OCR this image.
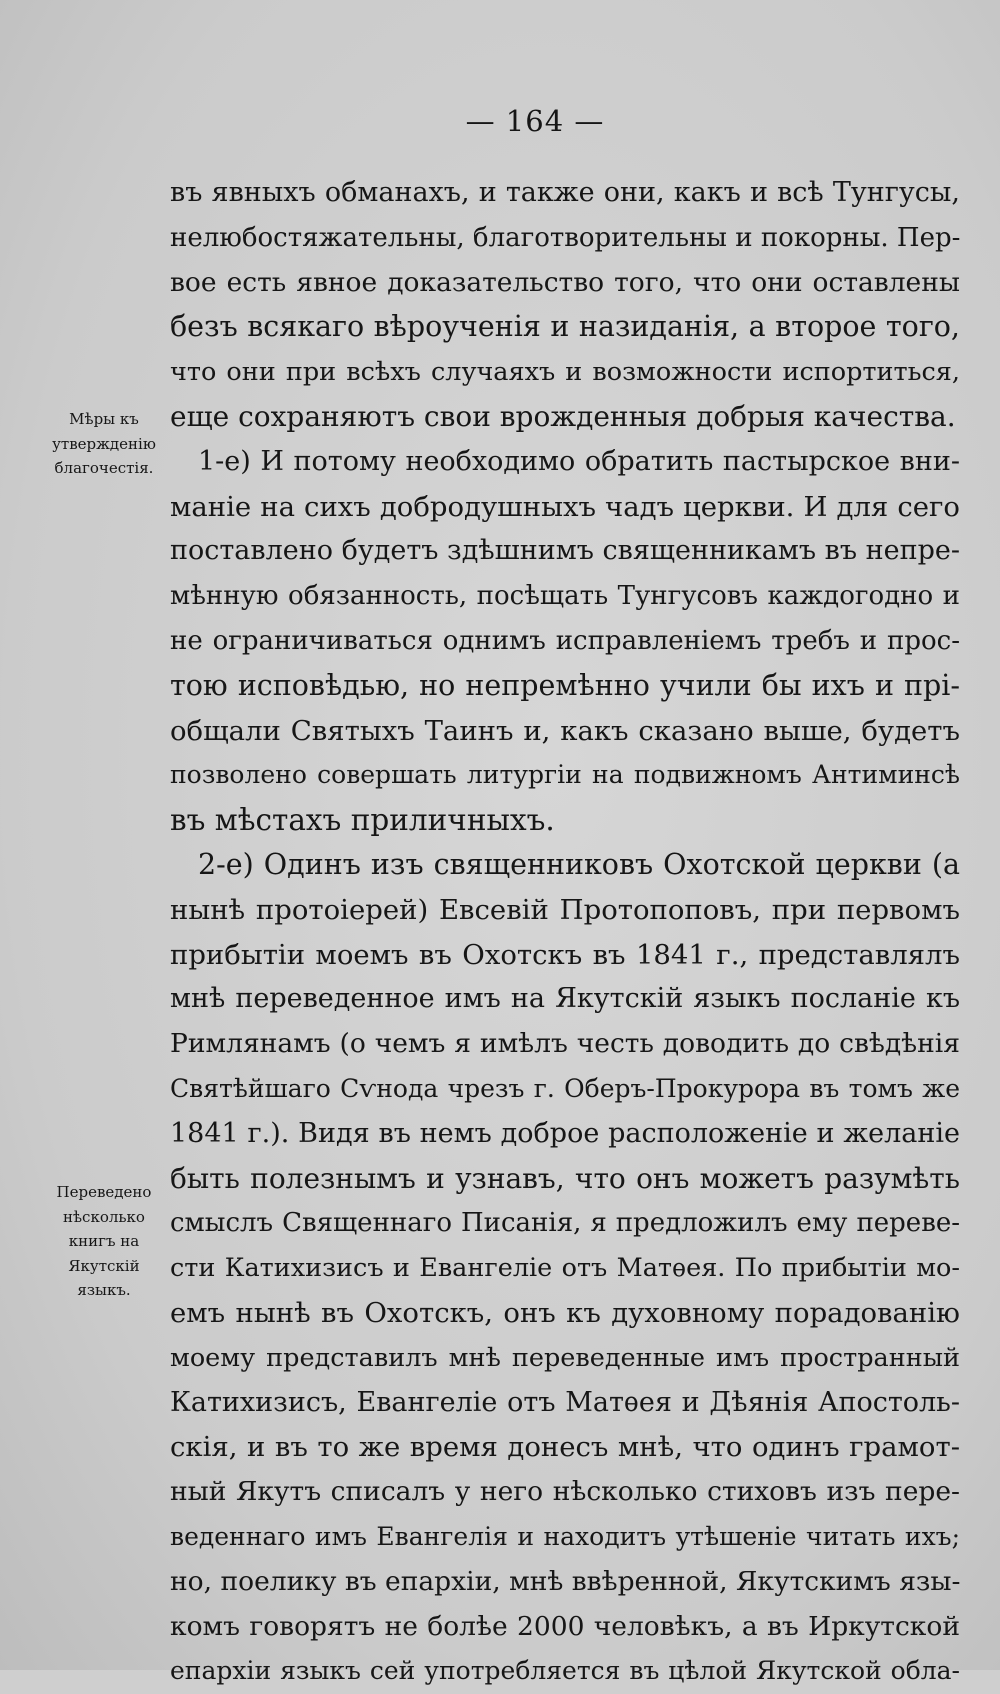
— 164 —
Мѣры къ
утвержденію
благочестія.
Переведено
нѣсколько
книгъ на
Якутскій
языкъ.
въ явныхъ обманахъ, и также они, какъ и всѣ Тунгусы,
нелюбостяжательны, благотворительны и покорны. Пер-
вое есть явное доказательство того, что они оставлены
безъ всякаго вѣроученія и назиданія, а второе того,
что они при всѣхъ случаяхъ и возможности испортиться,
еще сохраняютъ свои врожденныя добрыя качества.
1-е) И потому необходимо обратить пастырское вни-
маніе на сихъ добродушныхъ чадъ церкви. И для сего
поставлено будетъ здѣшнимъ священникамъ въ непре-
мѣнную обязанность, посѣщать Тунгусовъ каждогодно и
не ограничиваться однимъ исправленіемъ требъ и прос-
тою исповѣдью, но непремѣнно учили бы ихъ и прі-
общали Святыхъ Таинъ и, какъ сказано выше, будетъ
позволено совершать литургіи на подвижномъ Антиминсѣ
въ мѣстахъ приличныхъ.
2-е) Одинъ изъ священниковъ Охотской церкви (а
нынѣ протоіерей) Евсевій Протопоповъ, при первомъ
прибытіи моемъ въ Охотскъ въ 1841 г., представлялъ
мнѣ переведенное имъ на Якутскій языкъ посланіе къ
Римлянамъ (о чемъ я имѣлъ честь доводить до свѣдѣнія
Святѣйшаго Сѵнода чрезъ г. Оберъ-Прокурора въ томъ же
1841 г.). Видя въ немъ доброе расположеніе и желаніе
быть полезнымъ и узнавъ, что онъ можетъ разумѣть
смыслъ Священнаго Писанія, я предложилъ ему переве-
сти Катихизисъ и Евангеліе отъ Матѳея. По прибытіи мо-
емъ нынѣ въ Охотскъ, онъ къ духовному порадованію
моему представилъ мнѣ переведенные имъ пространный
Катихизисъ, Евангеліе отъ Матѳея и Дѣянія Апостоль-
скія, и въ то же время донесъ мнѣ, что одинъ грамот-
ный Якутъ списалъ у него нѣсколько стиховъ изъ пере-
веденнаго имъ Евангелія и находитъ утѣшеніе читать ихъ;
но, поелику въ епархіи, мнѣ ввѣренной, Якутскимъ язы-
комъ говорятъ не болѣе 2000 человѣкъ, а въ Иркутской
епархіи языкъ сей употребляется въ цѣлой Якутской обла-
